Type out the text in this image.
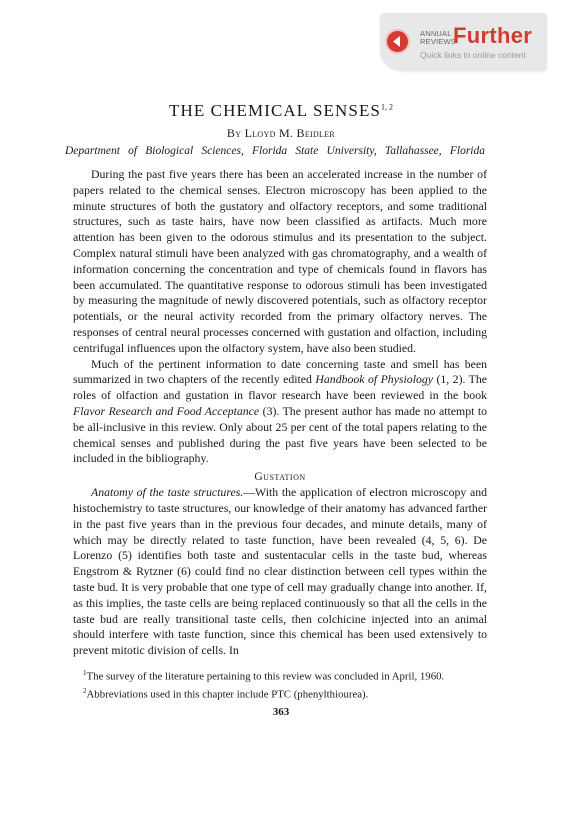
ANNUAL
REVIEWS
Further
Quick links to online content
THE CHEMICAL SENSES$^{1, 2}$
By Lloyd M. Beidler
Department of Biological Sciences, Florida State University, Tallahassee, Florida

During the past five years there has been an accelerated increase in the number of papers related to the chemical senses. Electron microscopy has been applied to the minute structures of both the gustatory and olfactory receptors, and some traditional structures, such as taste hairs, have now been classified as artifacts. Much more attention has been given to the odorous stimulus and its presentation to the subject. Complex natural stimuli have been analyzed with gas chromatography, and a wealth of information concerning the concentration and type of chemicals found in flavors has been accumulated. The quantitative response to odorous stimuli has been investigated by measuring the magnitude of newly discovered potentials, such as olfactory receptor potentials, or the neural activity recorded from the primary olfactory nerves. The responses of central neural processes concerned with gustation and olfaction, including centrifugal influences upon the olfactory system, have also been studied.

Much of the pertinent information to date concerning taste and smell has been summarized in two chapters of the recently edited Handbook of Physiology (1, 2). The roles of olfaction and gustation in flavor research have been reviewed in the book Flavor Research and Food Acceptance (3). The present author has made no attempt to be all-inclusive in this review. Only about 25 per cent of the total papers relating to the chemical senses and published during the past five years have been selected to be included in the bibliography.

Gustation

Anatomy of the taste structures.—With the application of electron microscopy and histochemistry to taste structures, our knowledge of their anatomy has advanced farther in the past five years than in the previous four decades, and minute details, many of which may be directly related to taste function, have been revealed (4, 5, 6). De Lorenzo (5) identifies both taste and sustentacular cells in the taste bud, whereas Engstrom & Rytzner (6) could find no clear distinction between cell types within the taste bud. It is very probable that one type of cell may gradually change into another. If, as this implies, the taste cells are being replaced continuously so that all the cells in the taste bud are really transitional taste cells, then colchicine injected into an animal should interfere with taste function, since this chemical has been used extensively to prevent mitotic division of cells. In

$^1$The survey of the literature pertaining to this review was concluded in April, 1960.

$^2$Abbreviations used in this chapter include PTC (phenylthiourea).

363
